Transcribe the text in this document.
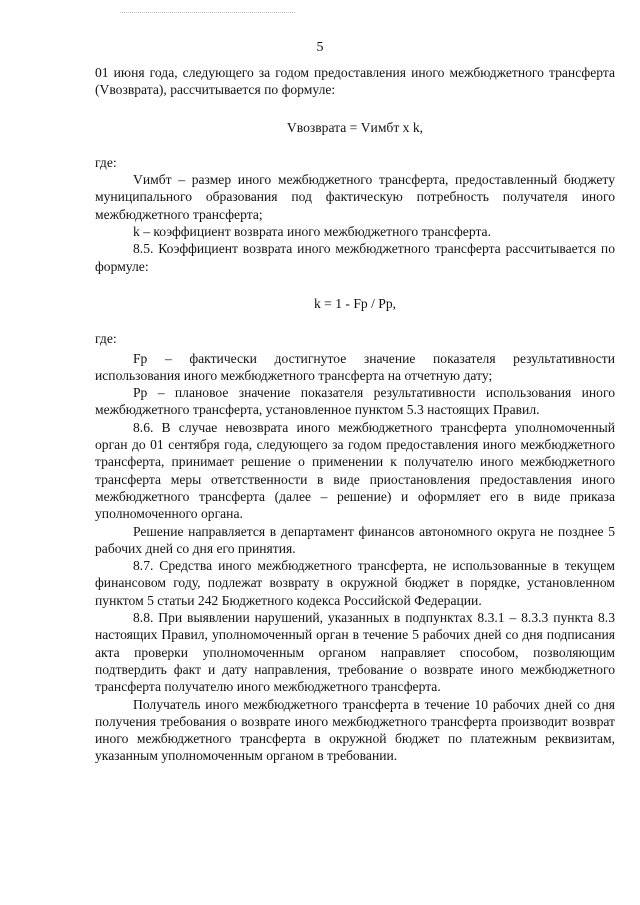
5

01 июня года, следующего за годом предоставления иного межбюджетного трансферта (Vвозврата), рассчитывается по формуле:

Vвозврата = Vимбт x k,

где:

Vимбт – размер иного межбюджетного трансферта, предоставленный бюджету муниципального образования под фактическую потребность получателя иного межбюджетного трансферта;

k – коэффициент возврата иного межбюджетного трансферта.

8.5. Коэффициент возврата иного межбюджетного трансферта рассчитывается по формуле:

k = 1 - Fp / Pp,

где:

Fp – фактически достигнутое значение показателя результативности использования иного межбюджетного трансферта на отчетную дату;

Pp – плановое значение показателя результативности использования иного межбюджетного трансферта, установленное пунктом 5.3 настоящих Правил.

8.6. В случае невозврата иного межбюджетного трансферта уполномоченный орган до 01 сентября года, следующего за годом предоставления иного межбюджетного трансферта, принимает решение о применении к получателю иного межбюджетного трансферта меры ответственности в виде приостановления предоставления иного межбюджетного трансферта (далее – решение) и оформляет его в виде приказа уполномоченного органа.

Решение направляется в департамент финансов автономного округа не позднее 5 рабочих дней со дня его принятия.

8.7. Средства иного межбюджетного трансферта, не использованные в текущем финансовом году, подлежат возврату в окружной бюджет в порядке, установленном пунктом 5 статьи 242 Бюджетного кодекса Российской Федерации.

8.8. При выявлении нарушений, указанных в подпунктах 8.3.1 – 8.3.3 пункта 8.3 настоящих Правил, уполномоченный орган в течение 5 рабочих дней со дня подписания акта проверки уполномоченным органом направляет способом, позволяющим подтвердить факт и дату направления, требование о возврате иного межбюджетного трансферта получателю иного межбюджетного трансферта.

Получатель иного межбюджетного трансферта в течение 10 рабочих дней со дня получения требования о возврате иного межбюджетного трансферта производит возврат иного межбюджетного трансферта в окружной бюджет по платежным реквизитам, указанным уполномоченным органом в требовании.
